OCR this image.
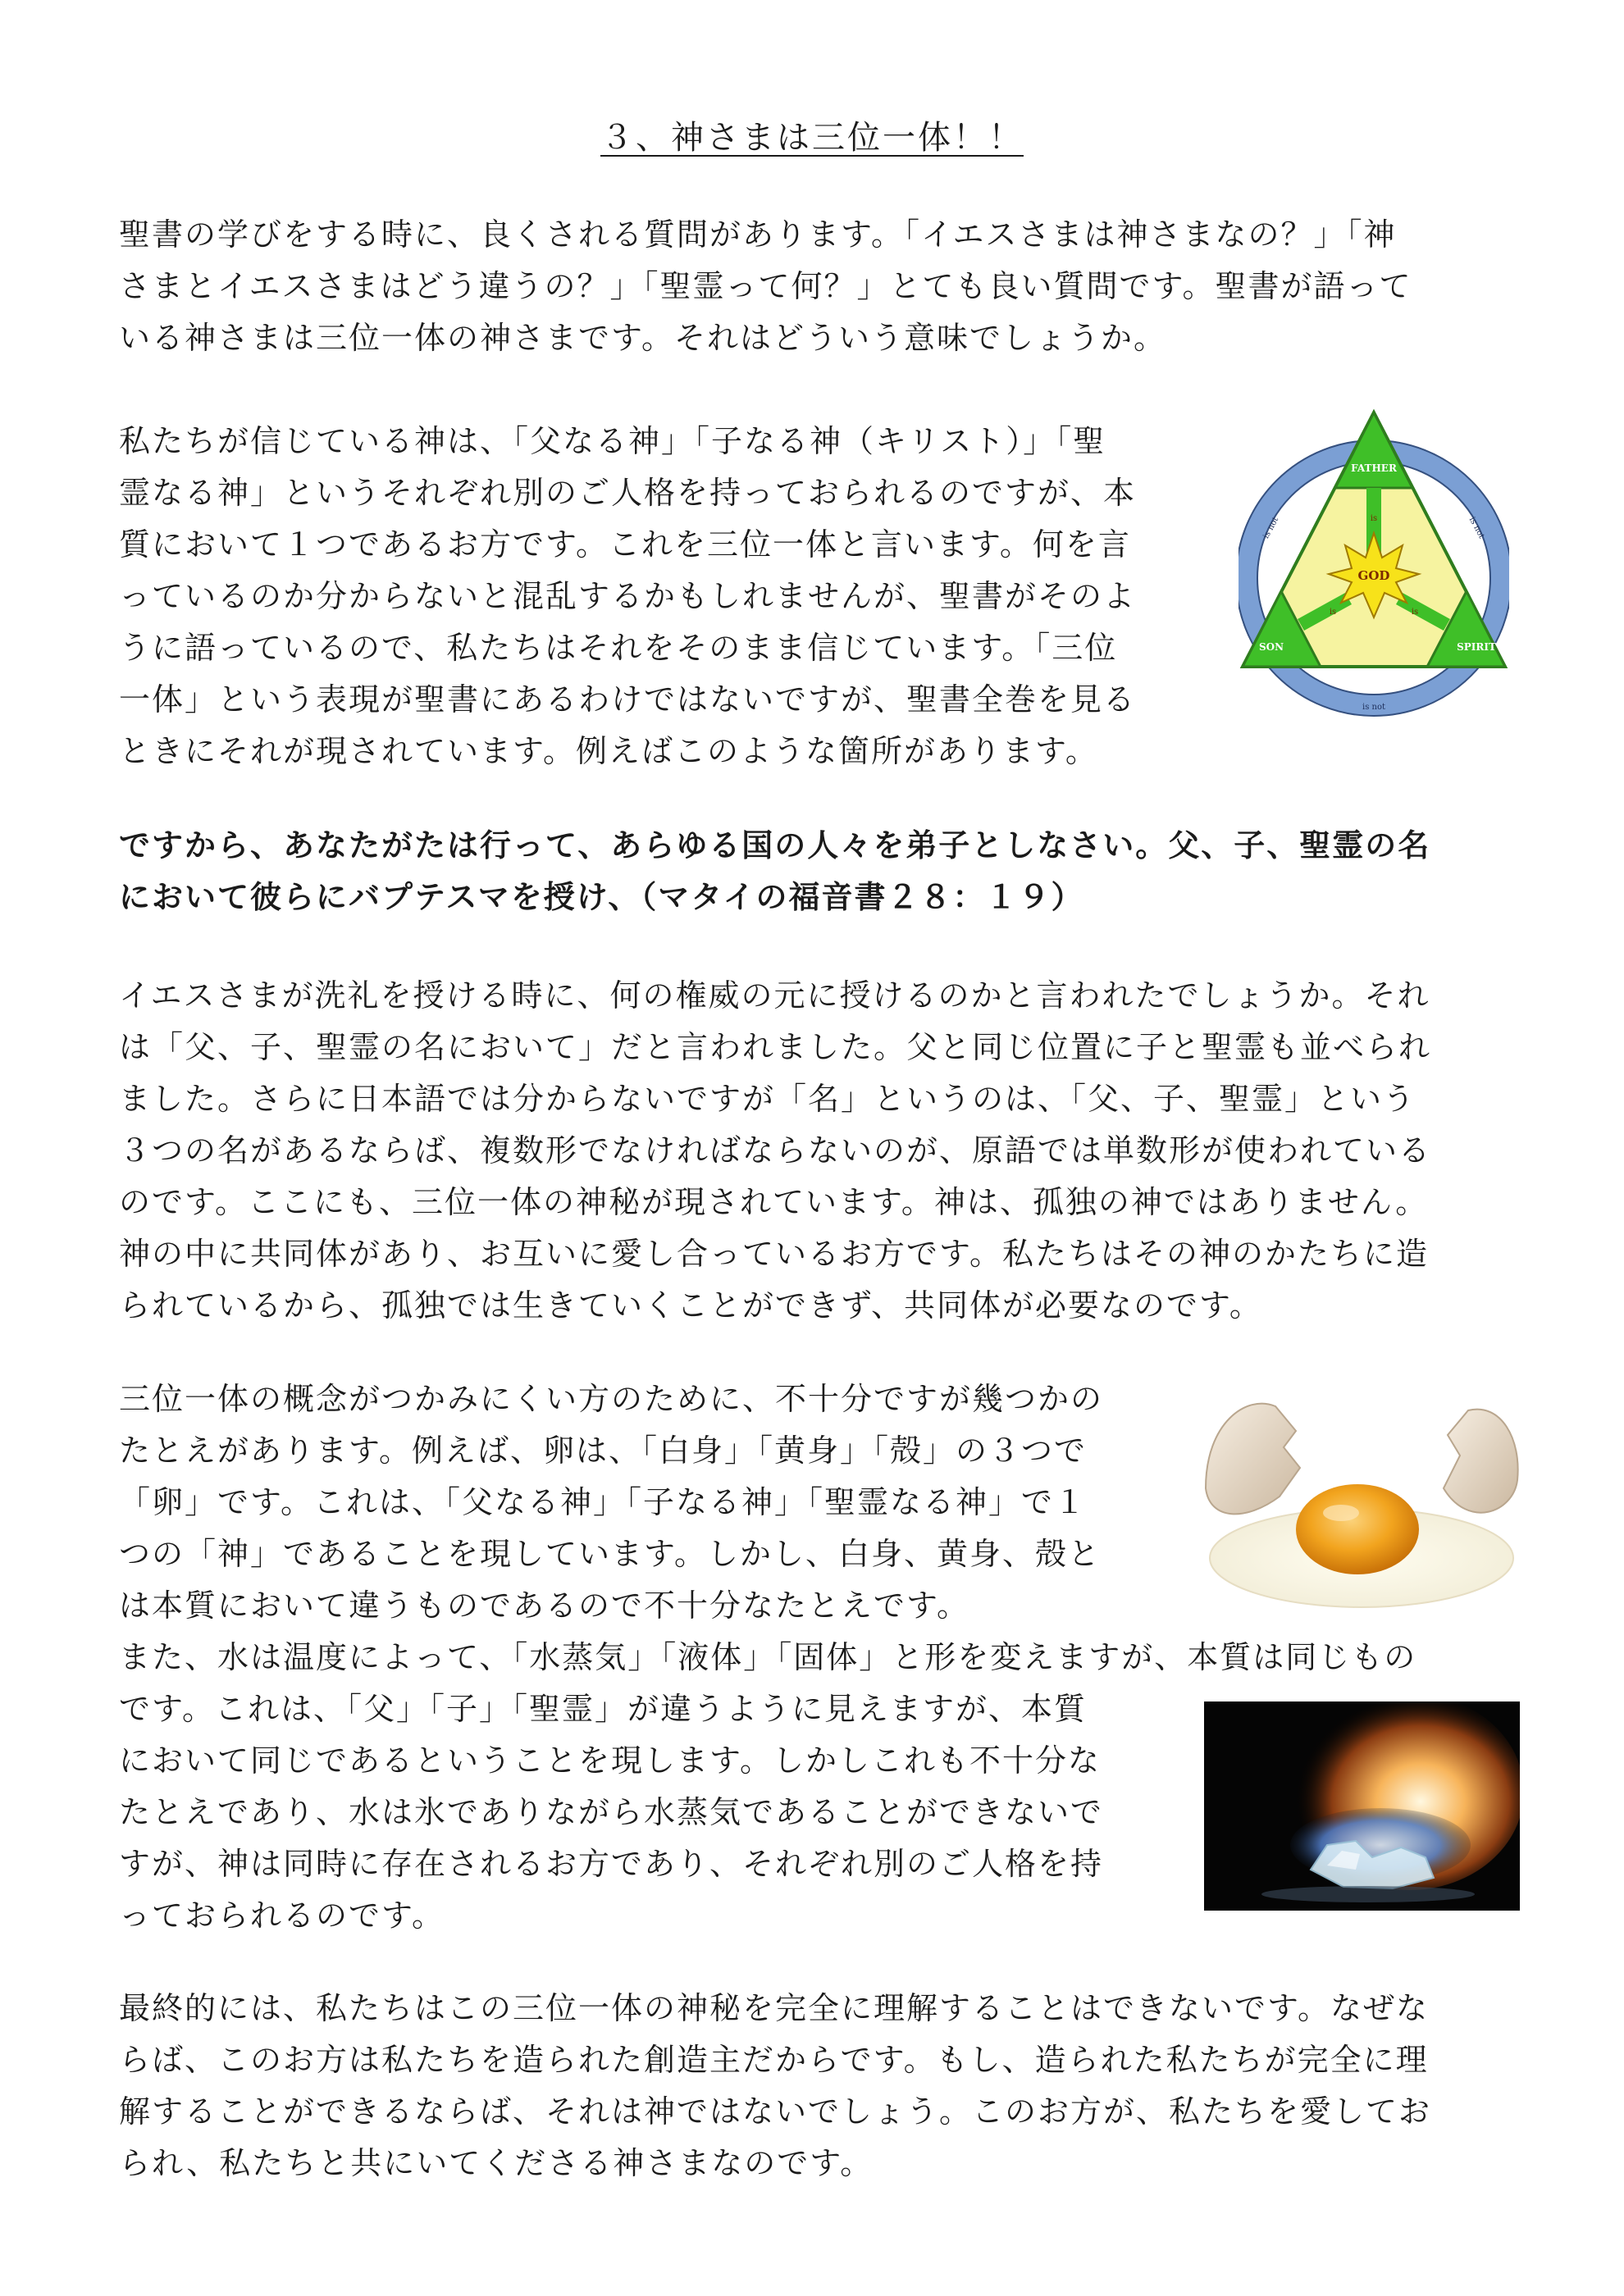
３、神さまは三位一体！！

聖書の学びをする時に、良くされる質問があります。「イエスさまは神さまなの？」「神
さまとイエスさまはどう違うの？」「聖霊って何？」とても良い質問です。聖書が語って
いる神さまは三位一体の神さまです。それはどういう意味でしょうか。

私たちが信じている神は、「父なる神」「子なる神（キリスト）」「聖
霊なる神」というそれぞれ別のご人格を持っておられるのですが、本
質において１つであるお方です。これを三位一体と言います。何を言
っているのか分からないと混乱するかもしれませんが、聖書がそのよ
うに語っているので、私たちはそれをそのまま信じています。「三位
一体」という表現が聖書にあるわけではないですが、聖書全巻を見る
ときにそれが現されています。例えばこのような箇所があります。

GOD
FATHER
SON	SPIRIT
is
is	is
is not	is not
is not

ですから、あなたがたは行って、あらゆる国の人々を弟子としなさい。父、子、聖霊の名
において彼らにバプテスマを授け、（マタイの福音書２８：１９）

イエスさまが洗礼を授ける時に、何の権威の元に授けるのかと言われたでしょうか。それ
は「父、子、聖霊の名において」だと言われました。父と同じ位置に子と聖霊も並べられ
ました。さらに日本語では分からないですが「名」というのは、「父、子、聖霊」という
３つの名があるならば、複数形でなければならないのが、原語では単数形が使われている
のです。ここにも、三位一体の神秘が現されています。神は、孤独の神ではありません。
神の中に共同体があり、お互いに愛し合っているお方です。私たちはその神のかたちに造
られているから、孤独では生きていくことができず、共同体が必要なのです。

三位一体の概念がつかみにくい方のために、不十分ですが幾つかの
たとえがあります。例えば、卵は、「白身」「黄身」「殻」の３つで
「卵」です。これは、「父なる神」「子なる神」「聖霊なる神」で１
つの「神」であることを現しています。しかし、白身、黄身、殻と
は本質において違うものであるので不十分なたとえです。
また、水は温度によって、「水蒸気」「液体」「固体」と形を変えますが、本質は同じもの
です。これは、「父」「子」「聖霊」が違うように見えますが、本質
において同じであるということを現します。しかしこれも不十分な
たとえであり、水は氷でありながら水蒸気であることができないで
すが、神は同時に存在されるお方であり、それぞれ別のご人格を持
っておられるのです。

最終的には、私たちはこの三位一体の神秘を完全に理解することはできないです。なぜな
らば、このお方は私たちを造られた創造主だからです。もし、造られた私たちが完全に理
解することができるならば、それは神ではないでしょう。このお方が、私たちを愛してお
られ、私たちと共にいてくださる神さまなのです。
